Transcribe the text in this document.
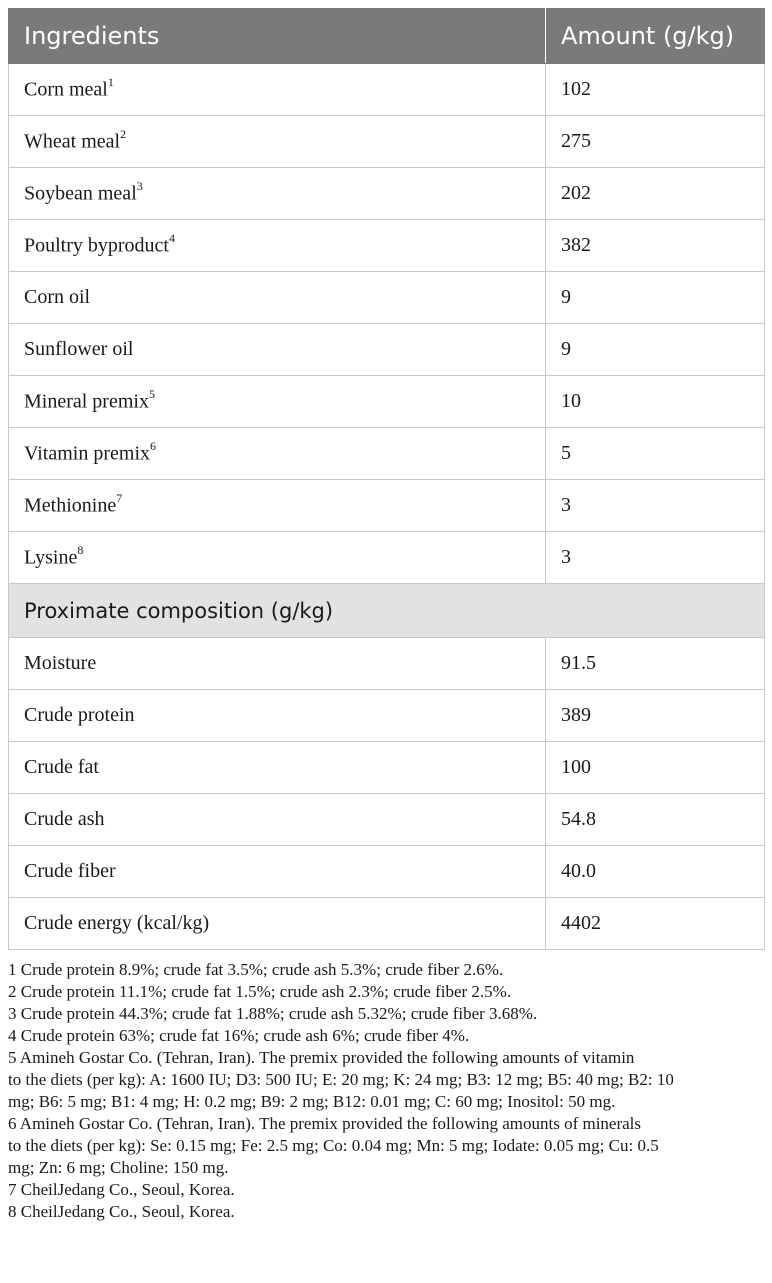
Ingredients	Amount (g/kg)
Corn meal$^1$	102
Wheat meal$^2$	275
Soybean meal$^3$	202
Poultry byproduct$^4$	382
Corn oil	9
Sunflower oil	9
Mineral premix$^5$	10
Vitamin premix$^6$	5
Methionine$^7$	3
Lysine$^8$	3
Proximate composition (g/kg)	
Moisture	91.5
Crude protein	389
Crude fat	100
Crude ash	54.8
Crude fiber	40.0
Crude energy (kcal/kg)	4402

1 Crude protein 8.9%; crude fat 3.5%; crude ash 5.3%; crude fiber 2.6%.

2 Crude protein 11.1%; crude fat 1.5%; crude ash 2.3%; crude fiber 2.5%.

3 Crude protein 44.3%; crude fat 1.88%; crude ash 5.32%; crude fiber 3.68%.

4 Crude protein 63%; crude fat 16%; crude ash 6%; crude fiber 4%.

5 Amineh Gostar Co. (Tehran, Iran). The premix provided the following amounts of vitamin
to the diets (per kg): A: 1600 IU; D3: 500 IU; E: 20 mg; K: 24 mg; B3: 12 mg; B5: 40 mg; B2: 10
mg; B6: 5 mg; B1: 4 mg; H: 0.2 mg; B9: 2 mg; B12: 0.01 mg; C: 60 mg; Inositol: 50 mg.

6 Amineh Gostar Co. (Tehran, Iran). The premix provided the following amounts of minerals
to the diets (per kg): Se: 0.15 mg; Fe: 2.5 mg; Co: 0.04 mg; Mn: 5 mg; Iodate: 0.05 mg; Cu: 0.5
mg; Zn: 6 mg; Choline: 150 mg.

7 CheilJedang Co., Seoul, Korea.

8 CheilJedang Co., Seoul, Korea.
